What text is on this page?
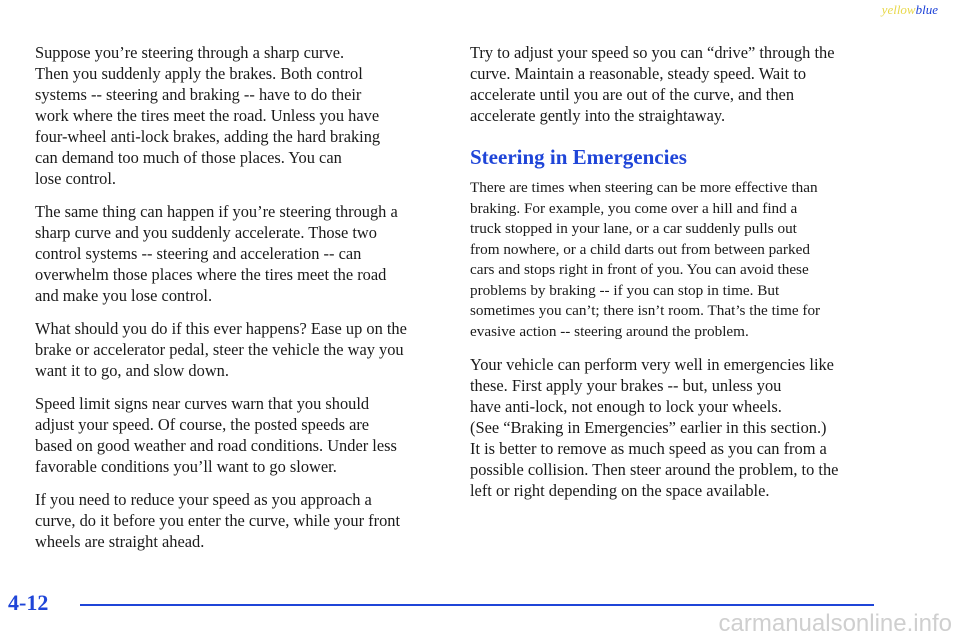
yellowblue

Suppose you’re steering through a sharp curve.
Then you suddenly apply the brakes. Both control
systems -- steering and braking -- have to do their
work where the tires meet the road. Unless you have
four-wheel anti-lock brakes, adding the hard braking
can demand too much of those places. You can
lose control.

The same thing can happen if you’re steering through a
sharp curve and you suddenly accelerate. Those two
control systems -- steering and acceleration -- can
overwhelm those places where the tires meet the road
and make you lose control.

What should you do if this ever happens? Ease up on the
brake or accelerator pedal, steer the vehicle the way you
want it to go, and slow down.

Speed limit signs near curves warn that you should
adjust your speed. Of course, the posted speeds are
based on good weather and road conditions. Under less
favorable conditions you’ll want to go slower.

If you need to reduce your speed as you approach a
curve, do it before you enter the curve, while your front
wheels are straight ahead.

Try to adjust your speed so you can “drive” through the
curve. Maintain a reasonable, steady speed. Wait to
accelerate until you are out of the curve, and then
accelerate gently into the straightaway.

Steering in Emergencies

There are times when steering can be more effective than
braking. For example, you come over a hill and find a
truck stopped in your lane, or a car suddenly pulls out
from nowhere, or a child darts out from between parked
cars and stops right in front of you. You can avoid these
problems by braking -- if you can stop in time. But
sometimes you can’t; there isn’t room. That’s the time for
evasive action -- steering around the problem.

Your vehicle can perform very well in emergencies like
these. First apply your brakes -- but, unless you
have anti-lock, not enough to lock your wheels.
(See “Braking in Emergencies” earlier in this section.)
It is better to remove as much speed as you can from a
possible collision. Then steer around the problem, to the
left or right depending on the space available.

4-12
carmanualsonline.info
